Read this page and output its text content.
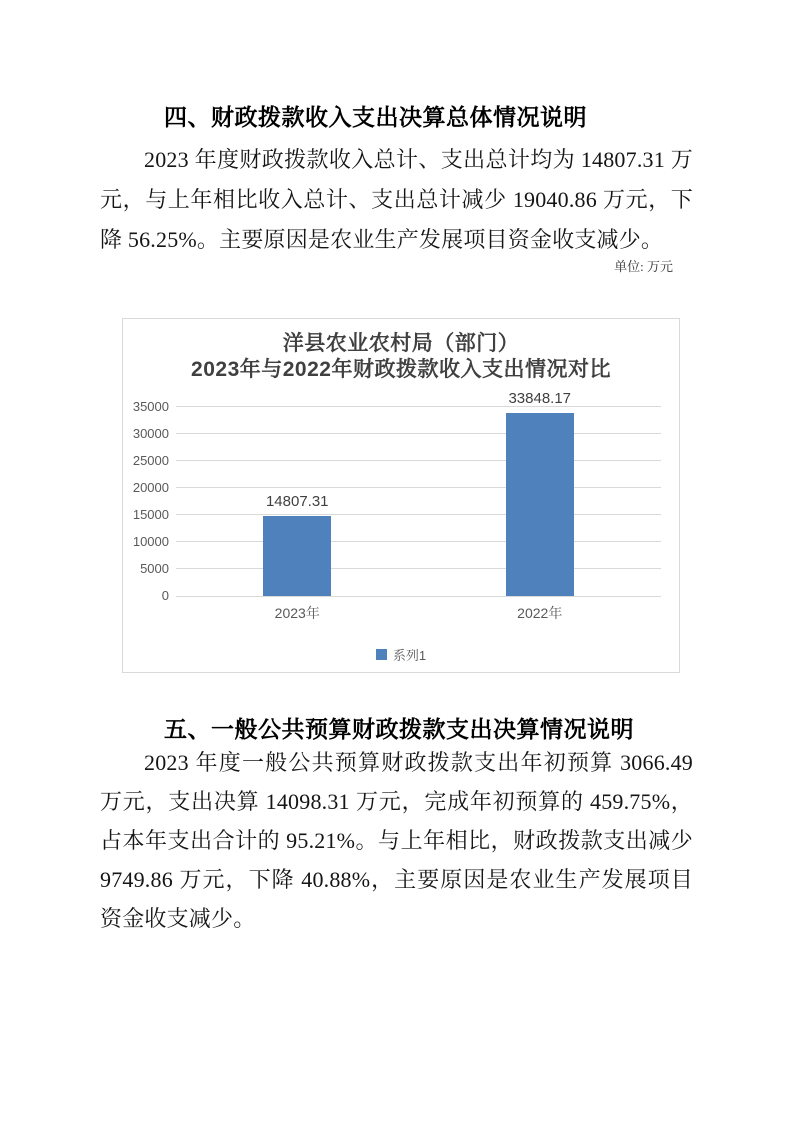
四、财政拨款收入支出决算总体情况说明
2023 年度财政拨款收入总计、支出总计均为 14807.31 万元，与上年相比收入总计、支出总计减少 19040.86 万元，下降 56.25%。主要原因是农业生产发展项目资金收支减少。
单位: 万元
洋县农业农村局（部门）
2023年与2022年财政拨款收入支出情况对比
0
5000
10000
15000
20000
25000
30000
35000
14807.31
2023年
33848.17
2022年
系列1
五、一般公共预算财政拨款支出决算情况说明
2023 年度一般公共预算财政拨款支出年初预算 3066.49 万元，支出决算 14098.31 万元，完成年初预算的 459.75%，占本年支出合计的 95.21%。与上年相比，财政拨款支出减少 9749.86 万元，下降 40.88%，主要原因是农业生产发展项目资金收支减少。
